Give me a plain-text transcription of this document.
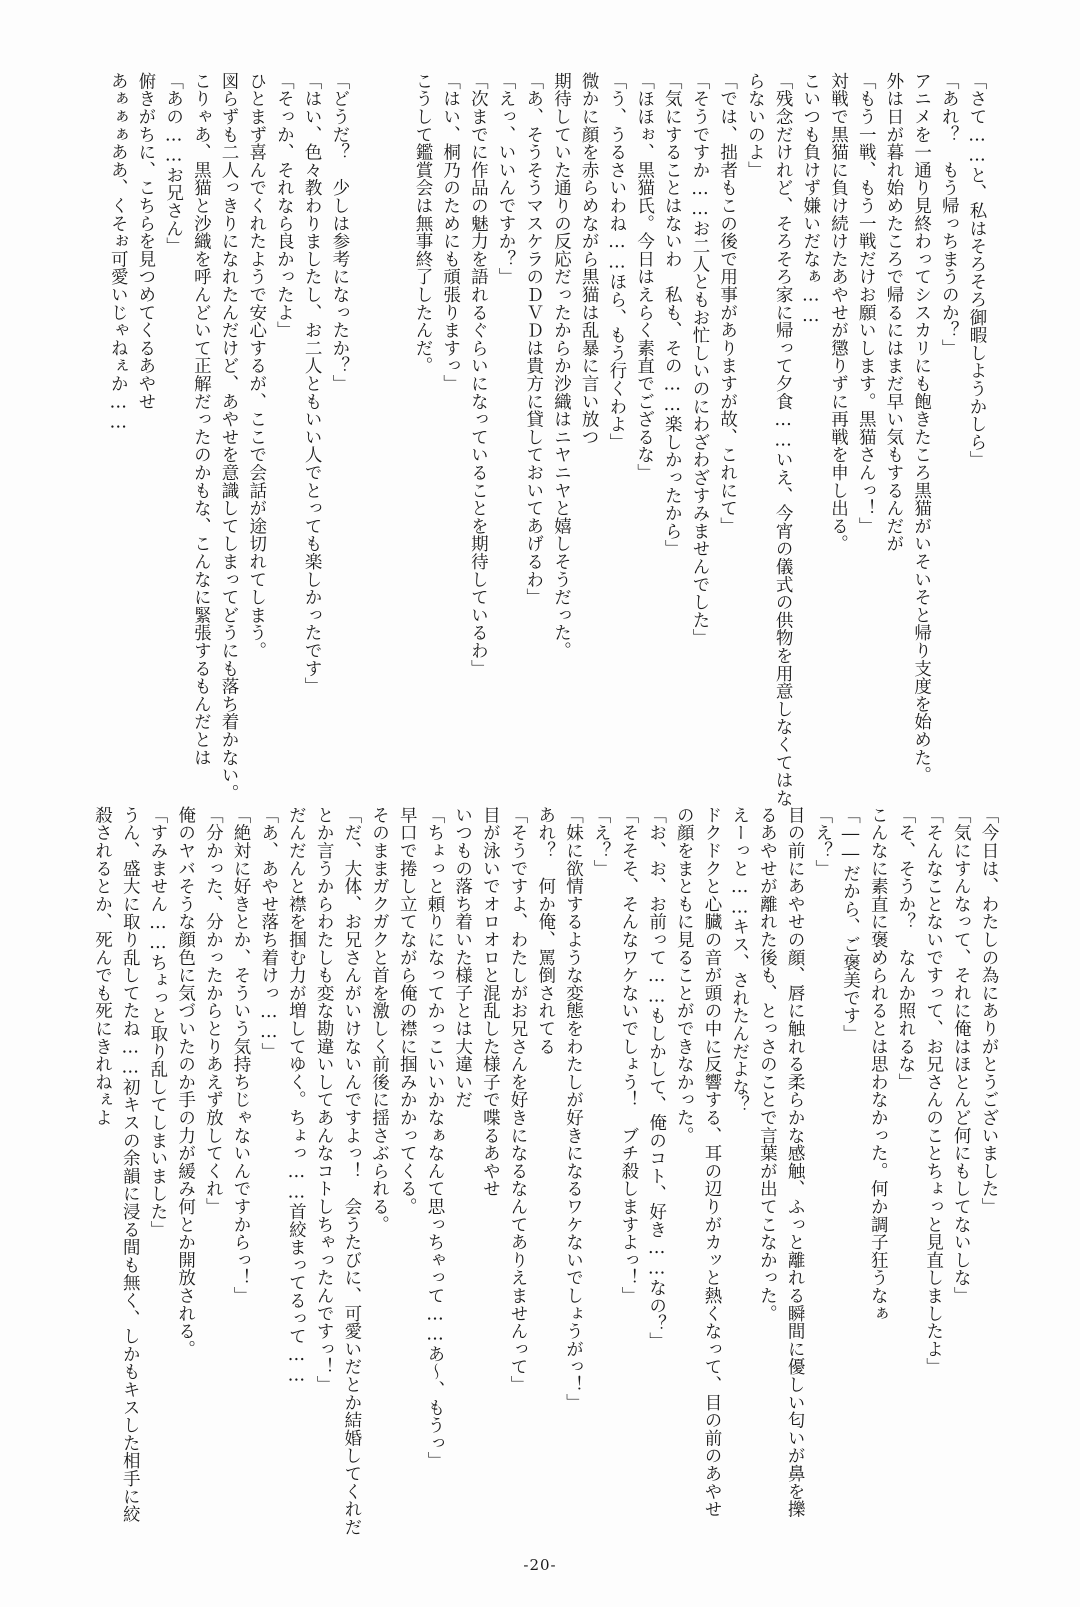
「さて……と、私はそろそろ御暇しようかしら」

「あれ？　もう帰っちまうのか？」

アニメを一通り見終わってシスカリにも飽きたころ黒猫がいそいそと帰り支度を始めた。

外は日が暮れ始めたころで帰るにはまだ早い気もするんだが

「もう一戦、もう一戦だけお願いします。黒猫さんっ！」

対戦で黒猫に負け続けたあやせが懲りずに再戦を申し出る。

こいつも負けず嫌いだなぁ……

「残念だけれど、そろそろ家に帰って夕食……いえ、今宵の儀式の供物を用意しなくてはな

らないのよ」

「では、拙者もこの後で用事がありますが故、これにて」

「そうですか……お二人ともお忙しいのにわざわざすみませんでした」

「気にすることはないわ　私も、その……楽しかったから」

「ほほぉ、黒猫氏。今日はえらく素直でござるな」

「う、うるさいわね……ほら、もう行くわよ」

微かに顔を赤らめながら黒猫は乱暴に言い放つ

期待していた通りの反応だったからか沙織はニヤニヤと嬉しそうだった。

「あ、そうそうマスケラのＤＶＤは貴方に貸しておいてあげるわ」

「えっ、いいんですか？」

「次までに作品の魅力を語れるぐらいになっていることを期待しているわ」

「はい、桐乃のためにも頑張りますっ」

こうして鑑賞会は無事終了したんだ。

「どうだ？　少しは参考になったか？」

「はい、色々教わりましたし、お二人ともいい人でとっても楽しかったです」

「そっか、それなら良かったよ」

ひとまず喜んでくれたようで安心するが、ここで会話が途切れてしまう。

図らずも二人っきりになれたんだけど、あやせを意識してしまってどうにも落ち着かない。

こりゃあ、黒猫と沙織を呼んどいて正解だったのかもな、こんなに緊張するもんだとは

「あの……お兄さん」

俯きがちに、こちらを見つめてくるあやせ

あぁぁぁああ、くそぉ可愛いじゃねぇか……

「今日は、わたしの為にありがとうございました」

「気にすんなって、それに俺はほとんど何にもしてないしな」

「そんなことないですって、お兄さんのことちょっと見直しましたよ」

「そ、そうか？　なんか照れるな」

こんなに素直に褒められるとは思わなかった。何か調子狂うなぁ

「――だから、ご褒美です」

「え？」

目の前にあやせの顔、唇に触れる柔らかな感触、ふっと離れる瞬間に優しい匂いが鼻を擽

るあやせが離れた後も、とっさのことで言葉が出てこなかった。

えーっと……キス、されたんだよな？

ドクドクと心臓の音が頭の中に反響する、耳の辺りがカッと熱くなって、目の前のあやせ

の顔をまともに見ることができなかった。

「お、お、お前って……もしかして、俺のコト、好き……なの？」

「そそそ、そんなワケないでしょう！　ブチ殺しますよっ！」

「え？」

「妹に欲情するような変態をわたしが好きになるワケないでしょうがっ！」

あれ？　何か俺、罵倒されてる

「そうですよ、わたしがお兄さんを好きになるなんてありえませんって」

目が泳いでオロオロと混乱した様子で喋るあやせ

いつもの落ち着いた様子とは大違いだ

「ちょっと頼りになってかっこいいかなぁなんて思っちゃって……あ～、もうっ」

早口で捲し立てながら俺の襟に掴みかかってくる。

そのままガクガクと首を激しく前後に揺さぶられる。

「だ、大体、お兄さんがいけないんですよっ！　会うたびに、可愛いだとか結婚してくれだ

とか言うからわたしも変な勘違いしてあんなコトしちゃったんですっ！」

だんだんと襟を掴む力が増してゆく。ちょっ……首絞まってるって……

「あ、あやせ落ち着けっ……」

「絶対に好きとか、そういう気持ちじゃないんですからっ！」

「分かった、分かったからとりあえず放してくれ」

俺のヤバそうな顔色に気づいたのか手の力が緩み何とか開放される。

「すみません……ちょっと取り乱してしまいました」

うん、盛大に取り乱してたね……初キスの余韻に浸る間も無く、しかもキスした相手に絞

殺されるとか、死んでも死にきれねぇよ

-20-
